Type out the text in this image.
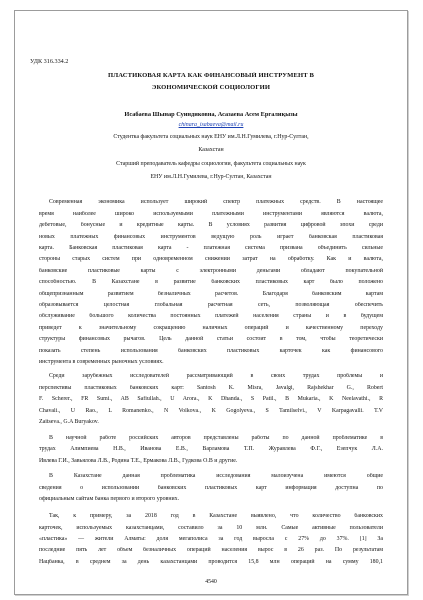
УДК 316.334.2

ПЛАСТИКОВАЯ КАРТА КАК ФИНАНСОВЫЙ ИНСТРУМЕНТ В

ЭКОНОМИЧЕСКОЙ СОЦИОЛОГИИ

Исабаева Шынар Суиндиковна, Асазаева Асем Ергалиқызы

chinara_isabaeva@mail.ru

Студентка факультета социальных наук ЕНУ им.Л.Н.Гумилева, г.Нур-Султан,

Казахстан

Старший преподаватель кафедры социологии, факультета социальных наук

ЕНУ им.Л.Н.Гумилева, г.Нур-Султан, Казахстан

Современная экономика использует широкий спектр платежных средств. В настоящее

время наиболее широко используемыми платежными инструментами являются валюта,

дебетовые, бонусные и кредитные карты. В условиях развития цифровой эпохи среди

новых платежных финансовых инструментов ведущую роль играет банковская пластиковая

карта. Банковская пластиковая карта - платежная система призвана объединить сильные

стороны старых систем при одновременном снижении затрат на обработку. Как и валюта,

банковские пластиковые карты с электронными деньгами обладают покупательной

способностью. В Казахстане в развитие банковских пластиковых карт было положено

общепризнанным развитием безналичных расчетов. Благодаря банковским картам

образовывается целостная глобальная расчетная сеть, позволяющая обеспечить

обслуживание большого количества постоянных платежей населения страны и в будущем

приведет к значительному сокращению наличных операций и качественному переходу

структуры финансовых рычагов. Цель данной статьи состоит в том, чтобы теоретически

показать степень использования банковских пластиковых карточек как финансового

инструмента в современных рыночных условиях.

Среди зарубежных исследователей рассматривающий в своих трудах проблемы и

перспективы пластиковых банковских карт: Santosh K. Misra, Javalgi, Rajshekhar G., Robert

F. Scherer., FR Sumi., AB Safiullah., U Arora., K Dhanda., S Patil., B Mukaria., K Neelavathi., R

Chavali., U Rao., L Romanenko., N Volkova., K Gogolyeva., S Tamilselvi., V Karpagavalli. T.V

Zaitseva., G.A Buryakov.

В научной работе российских авторов представлены работы по данной проблематике в

трудах Алимпиева Н.В., Иванова Е.В., Варламова Т.П. Журавлева Ф.Г., Езепчук Л.А.

Ивлева Г.И., Завьялова Л.В., Родина Т.Е., Ермакова Л.В., Гудкова О.В и другие.

В Казахстане данная проблематика исследования малоизучена имеются общие

сведения о использовании банковских пластиковых карт информация доступна по

официальным сайтам банка первого и второго уровних.

Так, к примеру, за 2018 год в Казахстане выявлено, что количество банковских

карточек, используемых казахстанцами, составило за 10 млн. Самые активные пользователи

«пластика» — жители Алматы: доля мегаполиса за год выросла с 27% до 37%. [1] За

последние пять лет объем безналичных операций населения вырос в 26 раз. По результатам

Нацбанка, в среднем за день казахстанцами проводится 15,8 млн операций на сумму 180,1

4540
